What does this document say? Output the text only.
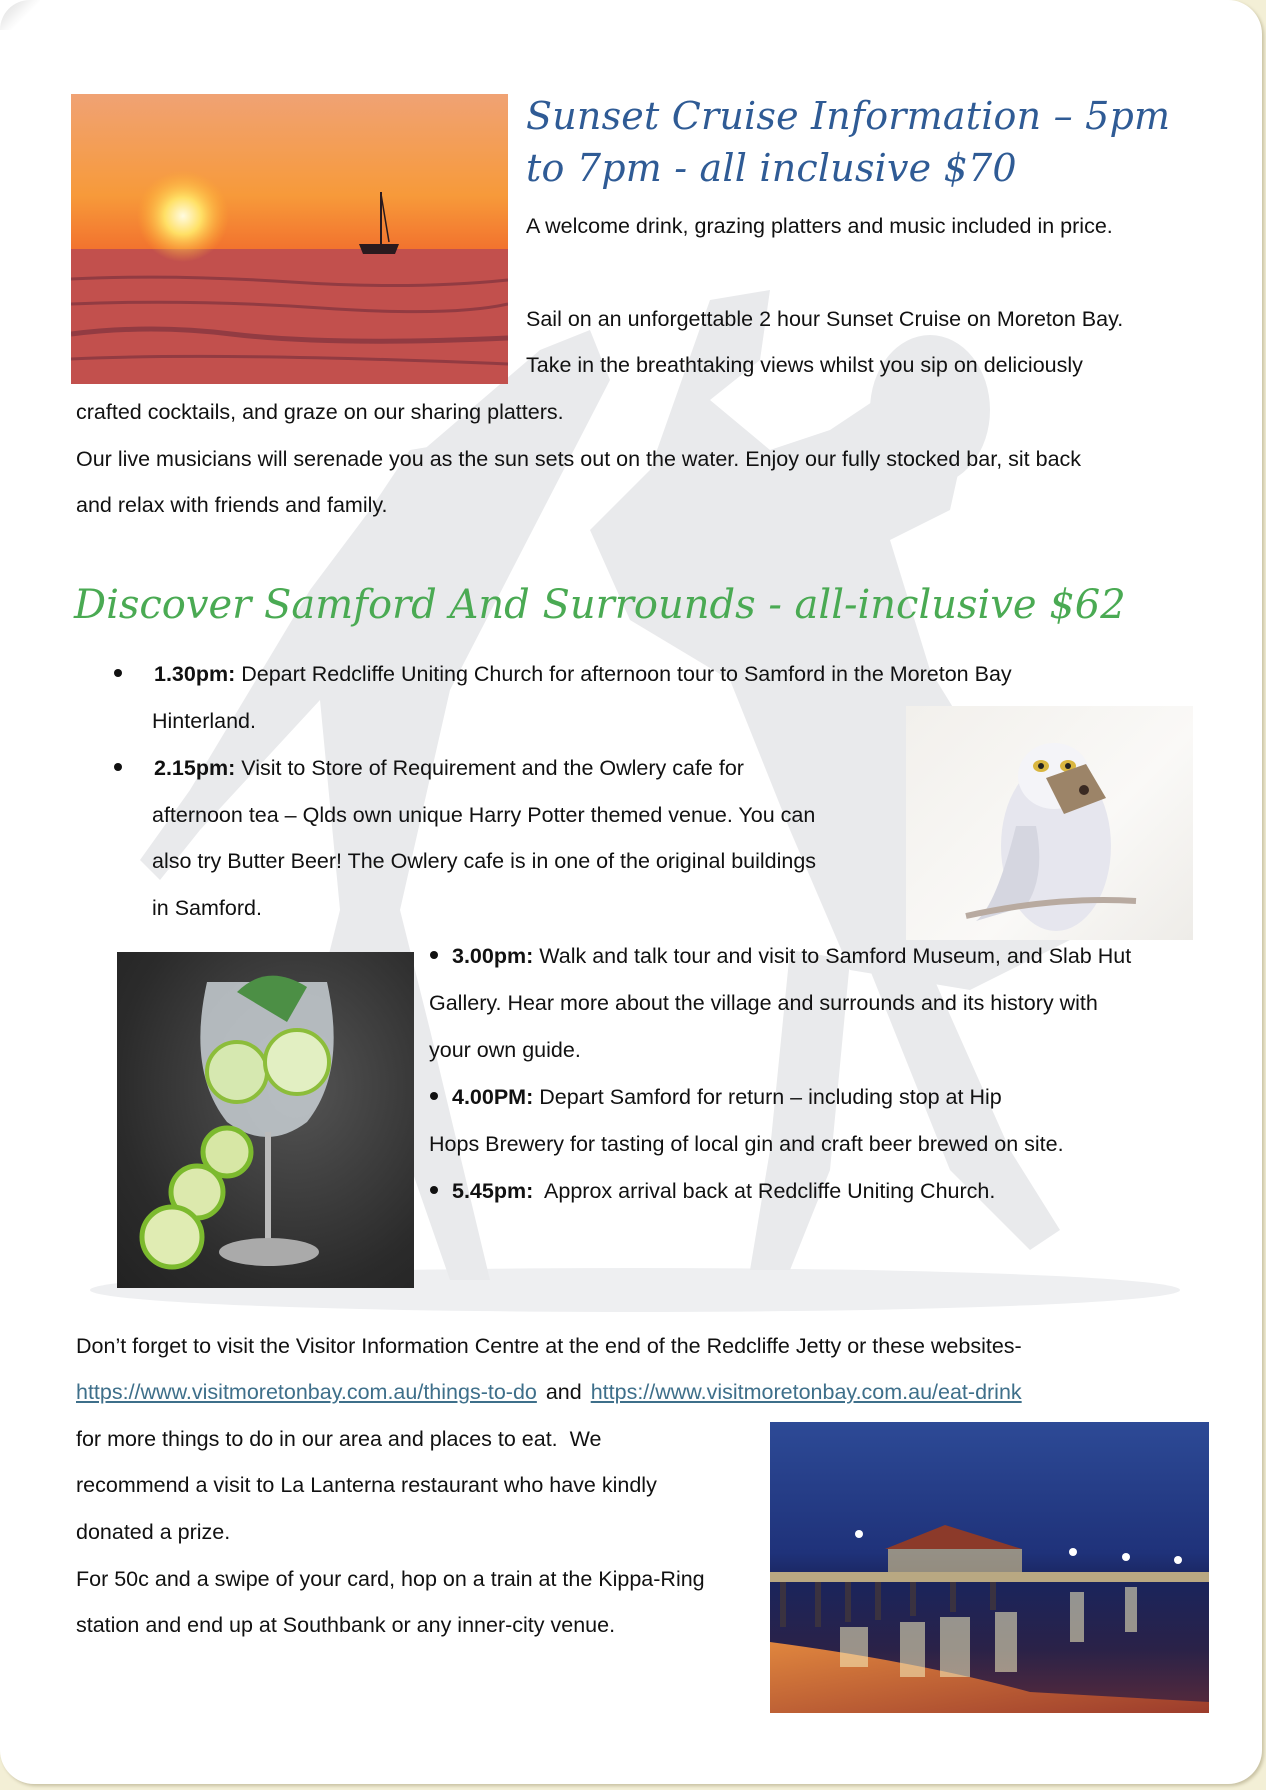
Sunset Cruise Information – 5pm
to 7pm - all inclusive $70
A welcome drink, grazing platters and music included in price.
Sail on an unforgettable 2 hour Sunset Cruise on Moreton Bay.
Take in the breathtaking views whilst you sip on deliciously
crafted cocktails, and graze on our sharing platters.
Our live musicians will serenade you as the sun sets out on the water. Enjoy our fully stocked bar, sit back
and relax with friends and family.
Discover Samford And Surrounds - all-inclusive $62
1.30pm: Depart Redcliffe Uniting Church for afternoon tour to Samford in the Moreton Bay
Hinterland.
2.15pm: Visit to Store of Requirement and the Owlery cafe for
afternoon tea – Qlds own unique Harry Potter themed venue. You can
also try Butter Beer! The Owlery cafe is in one of the original buildings
in Samford.
3.00pm: Walk and talk tour and visit to Samford Museum, and Slab Hut
Gallery. Hear more about the village and surrounds and its history with
your own guide.
4.00PM: Depart Samford for return – including stop at Hip
Hops Brewery for tasting of local gin and craft beer brewed on site.
5.45pm:  Approx arrival back at Redcliffe Uniting Church.
Don’t forget to visit the Visitor Information Centre at the end of the Redcliffe Jetty or these websites-
https://www.visitmoretonbay.com.au/things-to-do and https://www.visitmoretonbay.com.au/eat-drink
for more things to do in our area and places to eat.  We
recommend a visit to La Lanterna restaurant who have kindly
donated a prize.
For 50c and a swipe of your card, hop on a train at the Kippa-Ring
station and end up at Southbank or any inner-city venue.
